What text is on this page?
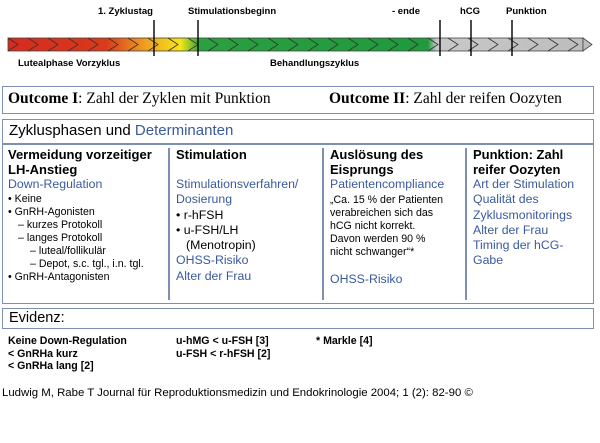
1. Zyklustag	Stimulationsbeginn	- ende	hCG	Punktion
Lutealphase Vorzyklus	Behandlungszyklus
Outcome I: Zahl der Zyklen mit Punktion	Outcome II: Zahl der reifen Oozyten
Zyklusphasen und Determinanten
Vermeidung vorzeitiger
LH-Anstieg
Down-Regulation
• Keine
• GnRH-Agonisten
– kurzes Protokoll
– langes Protokoll
– luteal/follikulär
– Depot, s.c. tgl., i.n. tgl.
• GnRH-Antagonisten
Stimulation
Stimulationsverfahren/
Dosierung
• r-hFSH
• u-FSH/LH
(Menotropin)
OHSS-Risiko
Alter der Frau
Auslösung des
Eisprungs
Patientencompliance
„Ca. 15 % der Patienten
verabreichen sich das
hCG nicht korrekt.
Davon werden 90 %
nicht schwanger“*
OHSS-Risiko
Punktion: Zahl
reifer Oozyten
Art der Stimulation
Qualität des
Zyklusmonitorings
Alter der Frau
Timing der hCG-
Gabe
Evidenz:
Keine Down-Regulation
< GnRHa kurz
< GnRHa lang [2]
u-hMG < u-FSH [3]
u-FSH < r-hFSH [2]
* Markle [4]
Ludwig M, Rabe T Journal für Reproduktionsmedizin und Endokrinologie 2004; 1 (2): 82-90 ©
